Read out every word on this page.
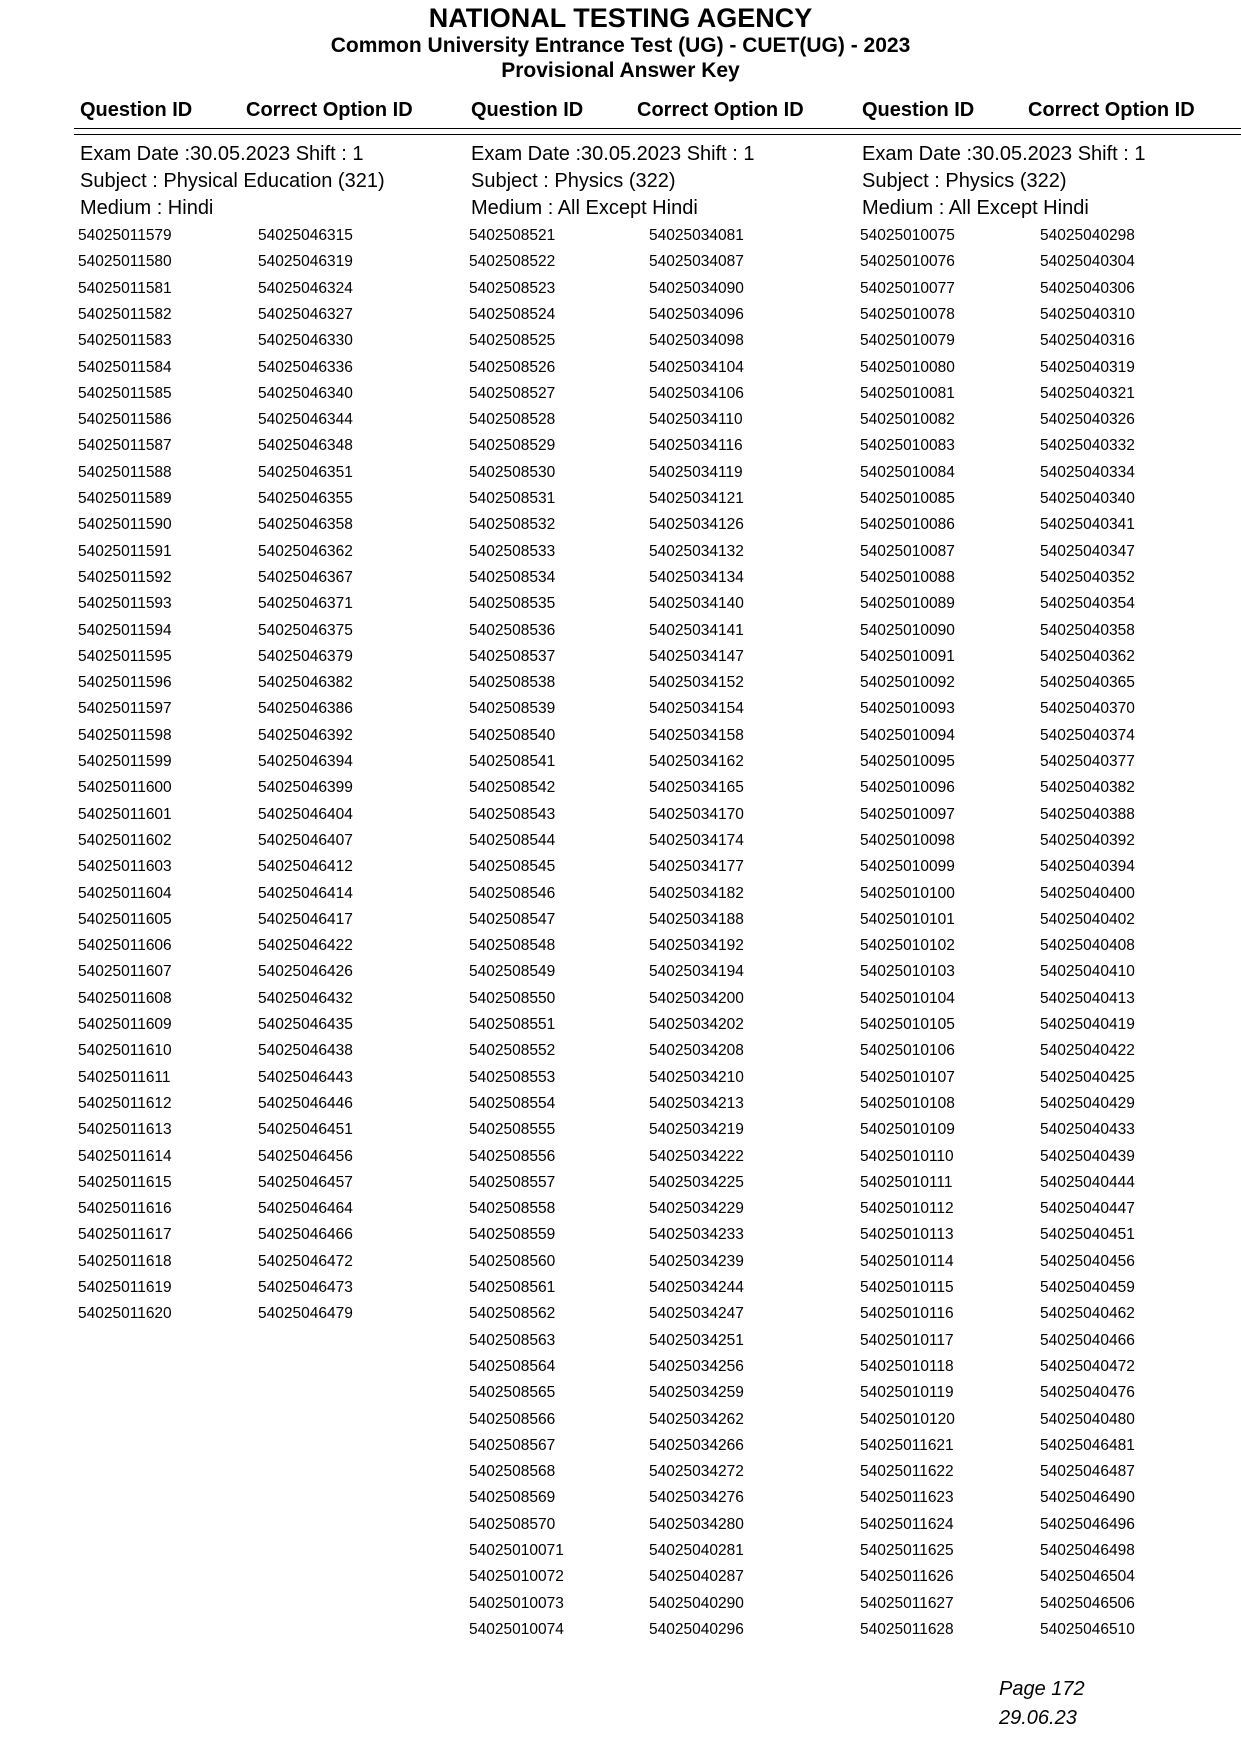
NATIONAL TESTING AGENCY
Common University Entrance Test (UG) - CUET(UG) - 2023
Provisional Answer Key
Question ID	Correct Option ID	Question ID	Correct Option ID	Question ID	Correct Option ID
Exam Date :30.05.2023 Shift : 1
Subject : Physical Education (321)
Medium : Hindi
54025011579	54025046315
54025011580	54025046319
54025011581	54025046324
54025011582	54025046327
54025011583	54025046330
54025011584	54025046336
54025011585	54025046340
54025011586	54025046344
54025011587	54025046348
54025011588	54025046351
54025011589	54025046355
54025011590	54025046358
54025011591	54025046362
54025011592	54025046367
54025011593	54025046371
54025011594	54025046375
54025011595	54025046379
54025011596	54025046382
54025011597	54025046386
54025011598	54025046392
54025011599	54025046394
54025011600	54025046399
54025011601	54025046404
54025011602	54025046407
54025011603	54025046412
54025011604	54025046414
54025011605	54025046417
54025011606	54025046422
54025011607	54025046426
54025011608	54025046432
54025011609	54025046435
54025011610	54025046438
54025011611	54025046443
54025011612	54025046446
54025011613	54025046451
54025011614	54025046456
54025011615	54025046457
54025011616	54025046464
54025011617	54025046466
54025011618	54025046472
54025011619	54025046473
54025011620	54025046479
Exam Date :30.05.2023 Shift : 1
Subject : Physics (322)
Medium : All Except Hindi
5402508521	54025034081
5402508522	54025034087
5402508523	54025034090
5402508524	54025034096
5402508525	54025034098
5402508526	54025034104
5402508527	54025034106
5402508528	54025034110
5402508529	54025034116
5402508530	54025034119
5402508531	54025034121
5402508532	54025034126
5402508533	54025034132
5402508534	54025034134
5402508535	54025034140
5402508536	54025034141
5402508537	54025034147
5402508538	54025034152
5402508539	54025034154
5402508540	54025034158
5402508541	54025034162
5402508542	54025034165
5402508543	54025034170
5402508544	54025034174
5402508545	54025034177
5402508546	54025034182
5402508547	54025034188
5402508548	54025034192
5402508549	54025034194
5402508550	54025034200
5402508551	54025034202
5402508552	54025034208
5402508553	54025034210
5402508554	54025034213
5402508555	54025034219
5402508556	54025034222
5402508557	54025034225
5402508558	54025034229
5402508559	54025034233
5402508560	54025034239
5402508561	54025034244
5402508562	54025034247
5402508563	54025034251
5402508564	54025034256
5402508565	54025034259
5402508566	54025034262
5402508567	54025034266
5402508568	54025034272
5402508569	54025034276
5402508570	54025034280
54025010071	54025040281
54025010072	54025040287
54025010073	54025040290
54025010074	54025040296
Exam Date :30.05.2023 Shift : 1
Subject : Physics (322)
Medium : All Except Hindi
54025010075	54025040298
54025010076	54025040304
54025010077	54025040306
54025010078	54025040310
54025010079	54025040316
54025010080	54025040319
54025010081	54025040321
54025010082	54025040326
54025010083	54025040332
54025010084	54025040334
54025010085	54025040340
54025010086	54025040341
54025010087	54025040347
54025010088	54025040352
54025010089	54025040354
54025010090	54025040358
54025010091	54025040362
54025010092	54025040365
54025010093	54025040370
54025010094	54025040374
54025010095	54025040377
54025010096	54025040382
54025010097	54025040388
54025010098	54025040392
54025010099	54025040394
54025010100	54025040400
54025010101	54025040402
54025010102	54025040408
54025010103	54025040410
54025010104	54025040413
54025010105	54025040419
54025010106	54025040422
54025010107	54025040425
54025010108	54025040429
54025010109	54025040433
54025010110	54025040439
54025010111	54025040444
54025010112	54025040447
54025010113	54025040451
54025010114	54025040456
54025010115	54025040459
54025010116	54025040462
54025010117	54025040466
54025010118	54025040472
54025010119	54025040476
54025010120	54025040480
54025011621	54025046481
54025011622	54025046487
54025011623	54025046490
54025011624	54025046496
54025011625	54025046498
54025011626	54025046504
54025011627	54025046506
54025011628	54025046510
Page 172
29.06.23
